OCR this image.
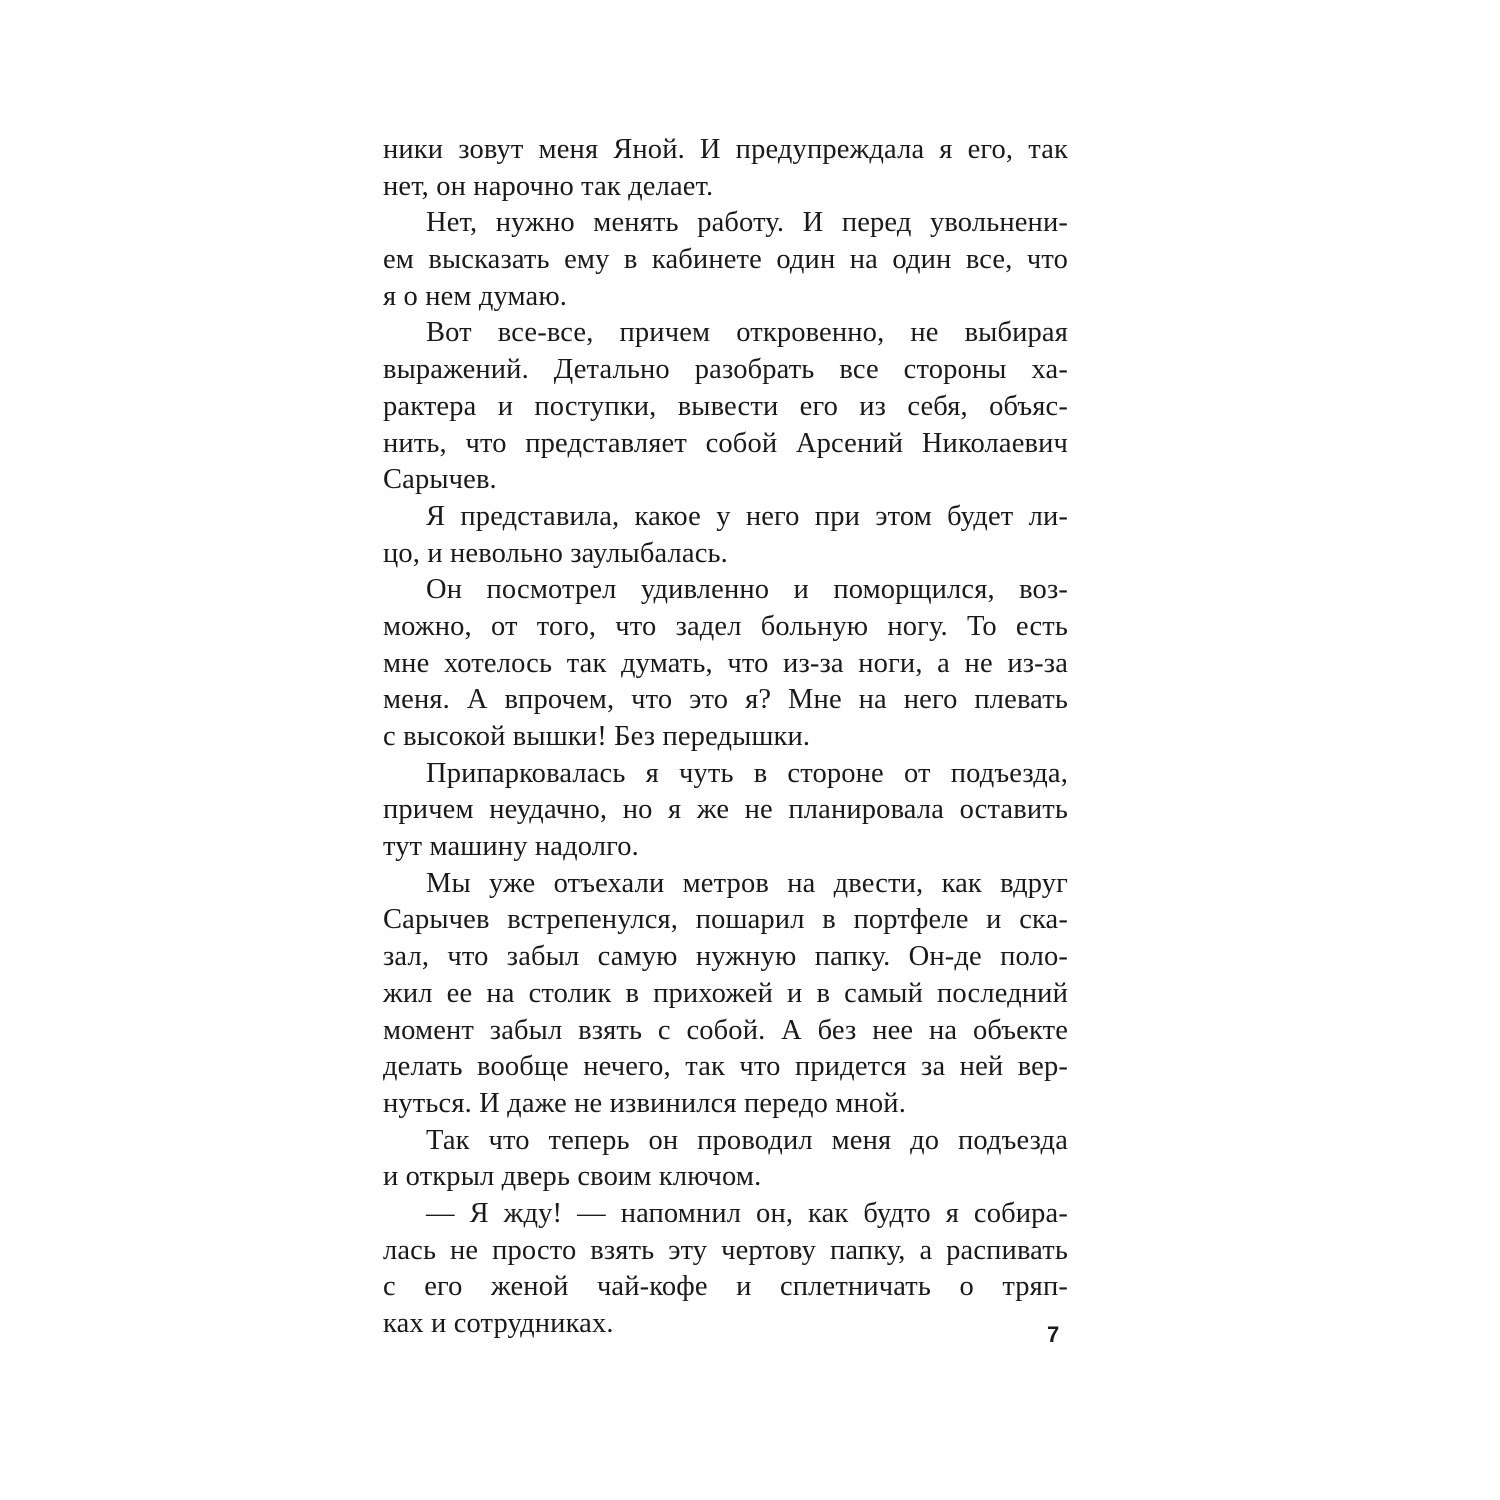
ники зовут меня Яной. И предупреждала я его, так
нет, он нарочно так делает.
Нет, нужно менять работу. И перед увольнени-
ем высказать ему в кабинете один на один все, что
я о нем думаю.
Вот все-все, причем откровенно, не выбирая
выражений. Детально разобрать все стороны ха-
рактера и поступки, вывести его из себя, объяс-
нить, что представляет собой Арсений Николаевич
Сарычев.
Я представила, какое у него при этом будет ли-
цо, и невольно заулыбалась.
Он посмотрел удивленно и поморщился, воз-
можно, от того, что задел больную ногу. То есть
мне хотелось так думать, что из-за ноги, а не из-за
меня. А впрочем, что это я? Мне на него плевать
с высокой вышки! Без передышки.
Припарковалась я чуть в стороне от подъезда,
причем неудачно, но я же не планировала оставить
тут машину надолго.
Мы уже отъехали метров на двести, как вдруг
Сарычев встрепенулся, пошарил в портфеле и ска-
зал, что забыл самую нужную папку. Он-де поло-
жил ее на столик в прихожей и в самый последний
момент забыл взять с собой. А без нее на объекте
делать вообще нечего, так что придется за ней вер-
нуться. И даже не извинился передо мной.
Так что теперь он проводил меня до подъезда
и открыл дверь своим ключом.
— Я жду! — напомнил он, как будто я собира-
лась не просто взять эту чертову папку, а распивать
с его женой чай-кофе и сплетничать о тряп-
ках и сотрудниках.	7
